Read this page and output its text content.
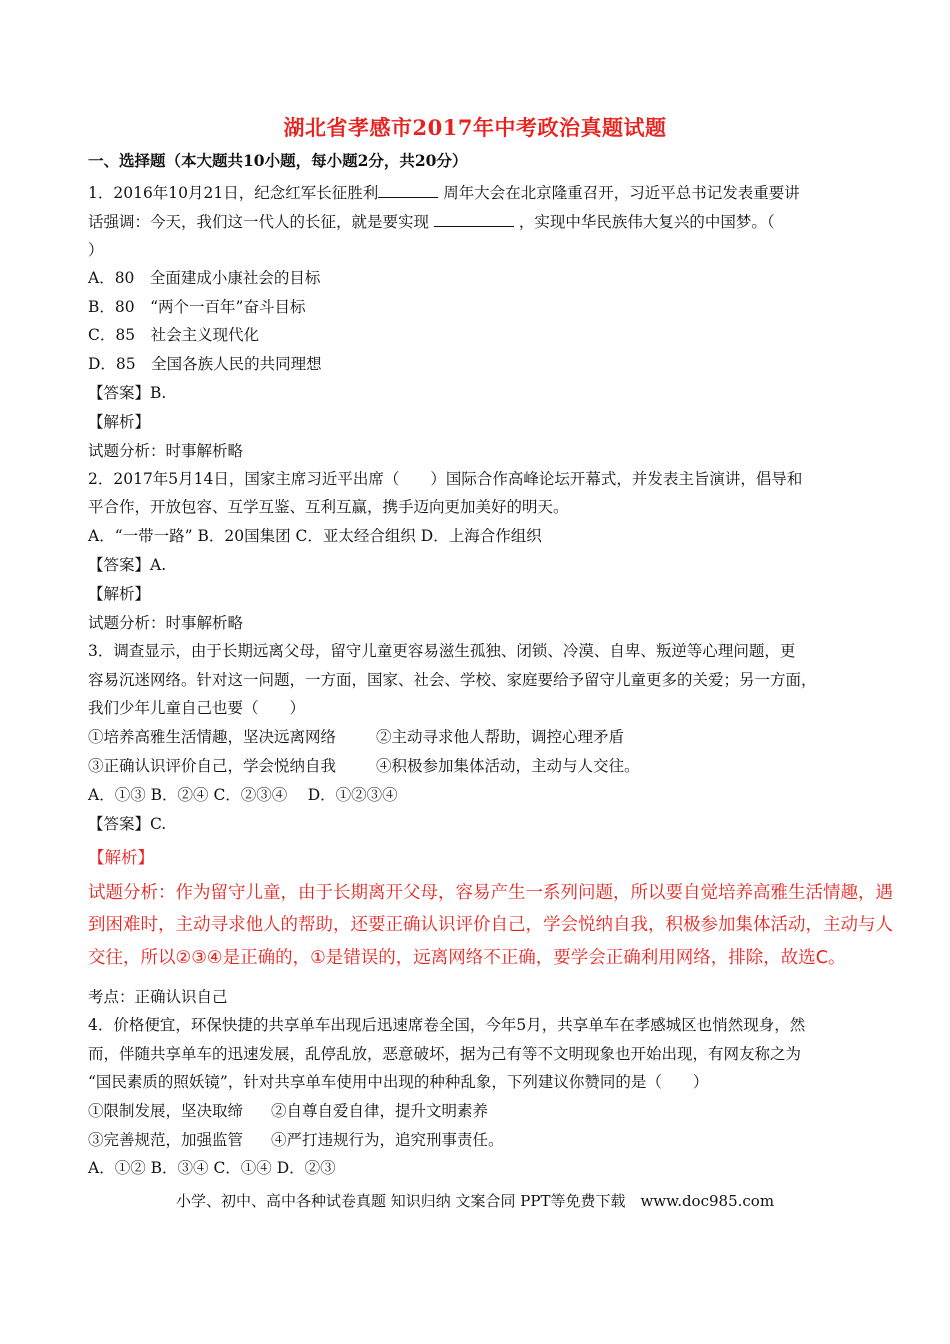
湖北省孝感市2017年中考政治真题试题
一、选择题（本大题共10小题，每小题2分，共20分）
1．2016年10月21日，纪念红军长征胜利	周年大会在北京隆重召开，习近平总书记发表重要讲
话强调：今天，我们这一代人的长征，就是要实现	，实现中华民族伟大复兴的中国梦。（
）
A．80　全面建成小康社会的目标
B．80　“两个一百年”奋斗目标
C．85　社会主义现代化
D．85　全国各族人民的共同理想
【答案】B.
【解析】
试题分析：时事解析略
2．2017年5月14日，国家主席习近平出席（　　）国际合作高峰论坛开幕式，并发表主旨演讲，倡导和
平合作，开放包容、互学互鉴、互利互赢，携手迈向更加美好的明天。
A．“一带一路” B．20国集团 C．亚太经合组织 D．上海合作组织
【答案】A.
【解析】
试题分析：时事解析略
3．调查显示，由于长期远离父母，留守儿童更容易滋生孤独、闭锁、冷漠、自卑、叛逆等心理问题，更
容易沉迷网络。针对这一问题，一方面，国家、社会、学校、家庭要给予留守儿童更多的关爱；另一方面，
我们少年儿童自己也要（　　）
①培养高雅生活情趣，坚决远离网络	②主动寻求他人帮助，调控心理矛盾
③正确认识评价自己，学会悦纳自我	④积极参加集体活动，主动与人交往。
A．①③ B．②④ C．②③④　 D．①②③④
【答案】C.
【解析】
试题分析：作为留守儿童，由于长期离开父母，容易产生一系列问题，所以要自觉培养高雅生活情趣，遇
到困难时，主动寻求他人的帮助，还要正确认识评价自己，学会悦纳自我，积极参加集体活动，主动与人
交往，所以②③④是正确的，①是错误的，远离网络不正确，要学会正确利用网络，排除，故选C。
考点：正确认识自己
4．价格便宜，环保快捷的共享单车出现后迅速席卷全国，今年5月，共享单车在孝感城区也悄然现身，然
而，伴随共享单车的迅速发展，乱停乱放，恶意破坏，据为己有等不文明现象也开始出现，有网友称之为
“国民素质的照妖镜”，针对共享单车使用中出现的种种乱象，下列建议你赞同的是（　　）
①限制发展，坚决取缔 ②自尊自爱自律，提升文明素养
③完善规范，加强监管 ④严打违规行为，追究刑事责任。
A．①② B．③④ C．①④ D．②③
小学、初中、高中各种试卷真题 知识归纳 文案合同 PPT等免费下载　www.doc985.com
